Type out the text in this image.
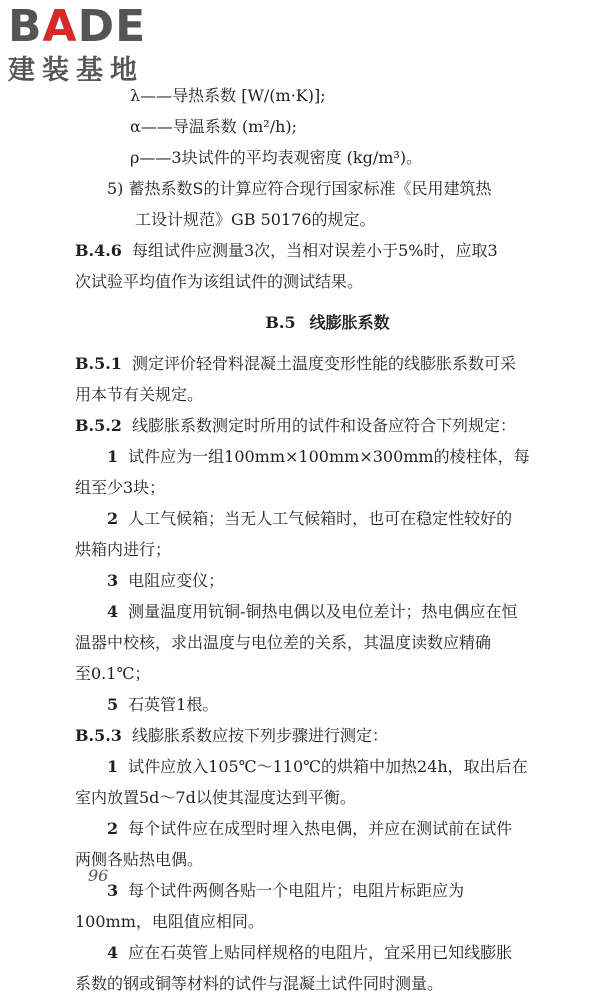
BADE
建装基地
λ——导热系数 [W/(m·K)];
α——导温系数 (m²/h);
ρ——3块试件的平均表观密度 (kg/m³)。
5) 蓄热系数S的计算应符合现行国家标准《民用建筑热
工设计规范》GB 50176的规定。
B.4.6 每组试件应测量3次，当相对误差小于5%时，应取3
次试验平均值作为该组试件的测试结果。
B.5 线膨胀系数
B.5.1 测定评价轻骨料混凝土温度变形性能的线膨胀系数可采
用本节有关规定。
B.5.2 线膨胀系数测定时所用的试件和设备应符合下列规定：
1 试件应为一组100mm×100mm×300mm的棱柱体，每
组至少3块；
2 人工气候箱；当无人工气候箱时，也可在稳定性较好的
烘箱内进行；
3 电阻应变仪；
4 测量温度用钪铜-铜热电偶以及电位差计；热电偶应在恒
温器中校核，求出温度与电位差的关系，其温度读数应精确
至0.1℃；
5 石英管1根。
B.5.3 线膨胀系数应按下列步骤进行测定：
1 试件应放入105℃～110℃的烘箱中加热24h，取出后在
室内放置5d～7d以使其湿度达到平衡。
2 每个试件应在成型时埋入热电偶，并应在测试前在试件
两侧各贴热电偶。
3 每个试件两侧各贴一个电阻片；电阻片标距应为
100mm，电阻值应相同。
4 应在石英管上贴同样规格的电阻片，宜采用已知线膨胀
系数的钢或铜等材料的试件与混凝土试件同时测量。
96
